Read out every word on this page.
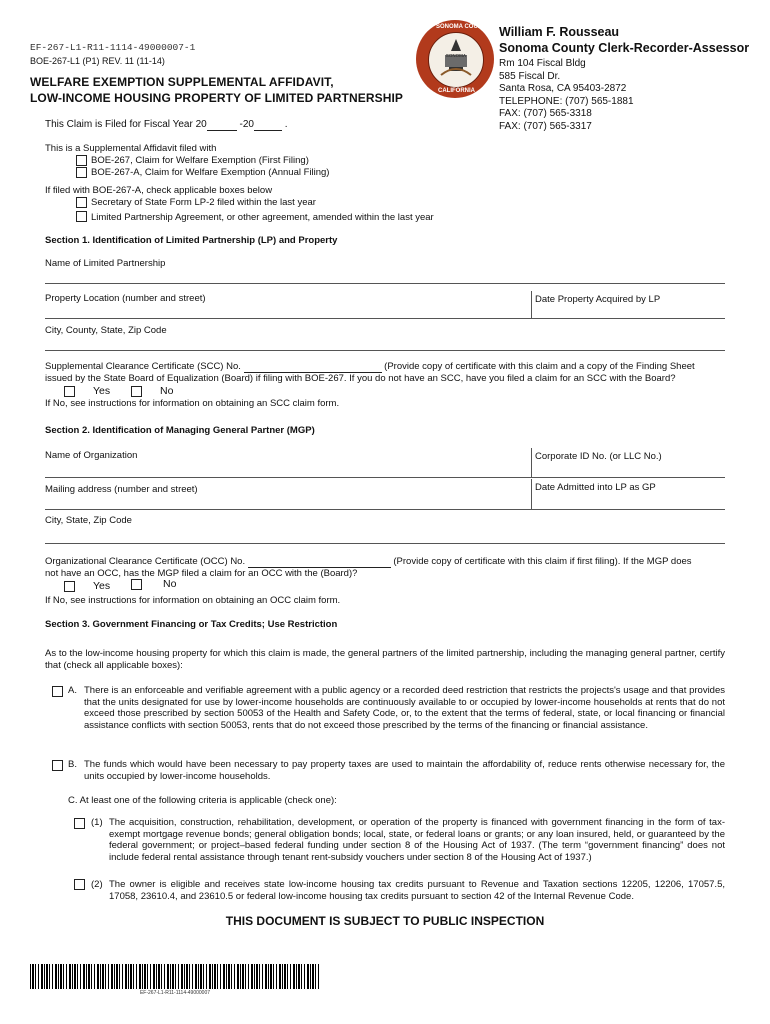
EF-267-L1-R11-1114-49000007-1
BOE-267-L1 (P1) REV. 11 (11-14)
WELFARE EXEMPTION SUPPLEMENTAL AFFIDAVIT,
LOW-INCOME HOUSING PROPERTY OF LIMITED PARTNERSHIP
This Claim is Filed for Fiscal Year 20	-20	.
SONOMA COUNTY
SONOMA
CALIFORNIA
William F. Rousseau
Sonoma County Clerk-Recorder-Assessor
Rm 104 Fiscal Bldg
585 Fiscal Dr.
Santa Rosa, CA 95403-2872
TELEPHONE: (707) 565-1881
FAX: (707) 565-3318
FAX: (707) 565-3317
This is a Supplemental Affidavit filed with
BOE-267, Claim for Welfare Exemption (First Filing)
BOE-267-A, Claim for Welfare Exemption (Annual Filing)
If filed with BOE-267-A, check applicable boxes below
Secretary of State Form LP-2 filed within the last year
Limited Partnership Agreement, or other agreement, amended within the last year
Section 1. Identification of Limited Partnership (LP) and Property
Name of Limited Partnership
Property Location (number and street)	Date Property Acquired by LP
City, County, State, Zip Code
Supplemental Clearance Certificate (SCC) No.	(Provide copy of certificate with this claim and a copy of the Finding Sheet
issued by the State Board of Equalization (Board) if filing with BOE-267. If you do not have an SCC, have you filed a claim for an SCC with the Board?
Yes	No
If No, see instructions for information on obtaining an SCC claim form.
Section 2. Identification of Managing General Partner (MGP)
Name of Organization	Corporate ID No. (or LLC No.)
Mailing address (number and street)	Date Admitted into LP as GP
City, State, Zip Code
Organizational Clearance Certificate (OCC) No.	(Provide copy of certificate with this claim if first filing). If the MGP does
not have an OCC, has the MGP filed a claim for an OCC with the (Board)?
Yes	No
If No, see instructions for information on obtaining an OCC claim form.
Section 3. Government Financing or Tax Credits; Use Restriction
As to the low-income housing property for which this claim is made, the general partners of the limited partnership, including the managing general partner, certify that (check all applicable boxes):
A. There is an enforceable and verifiable agreement with a public agency or a recorded deed restriction that restricts the projects's usage and that provides that the units designated for use by lower-income households are continuously available to or occupied by lower-income households at rents that do not exceed those prescribed by section 50053 of the Health and Safety Code, or, to the extent that the terms of federal, state, or local financing or financial assistance conflicts with section 50053, rents that do not exceed those prescribed by the terms of the financing or financial assistance.
B. The funds which would have been necessary to pay property taxes are used to maintain the affordability of, reduce rents otherwise necessary for, the units occupied by lower-income households.
C. At least one of the following criteria is applicable (check one):
(1) The acquisition, construction, rehabilitation, development, or operation of the property is financed with government financing in the form of tax-exempt mortgage revenue bonds; general obligation bonds; local, state, or federal loans or grants; or any loan insured, held, or guaranteed by the federal government; or project–based federal funding under section 8 of the Housing Act of 1937. (The term “government financing” does not include federal rental assistance through tenant rent-subsidy vouchers under section 8 of the Housing Act of 1937.)
(2) The owner is eligible and receives state low-income housing tax credits pursuant to Revenue and Taxation sections 12205, 12206, 17057.5, 17058, 23610.4, and 23610.5 or federal low-income housing tax credits pursuant to section 42 of the Internal Revenue Code.
THIS DOCUMENT IS SUBJECT TO PUBLIC INSPECTION
EF-267-L1-R11-1114-49000007
